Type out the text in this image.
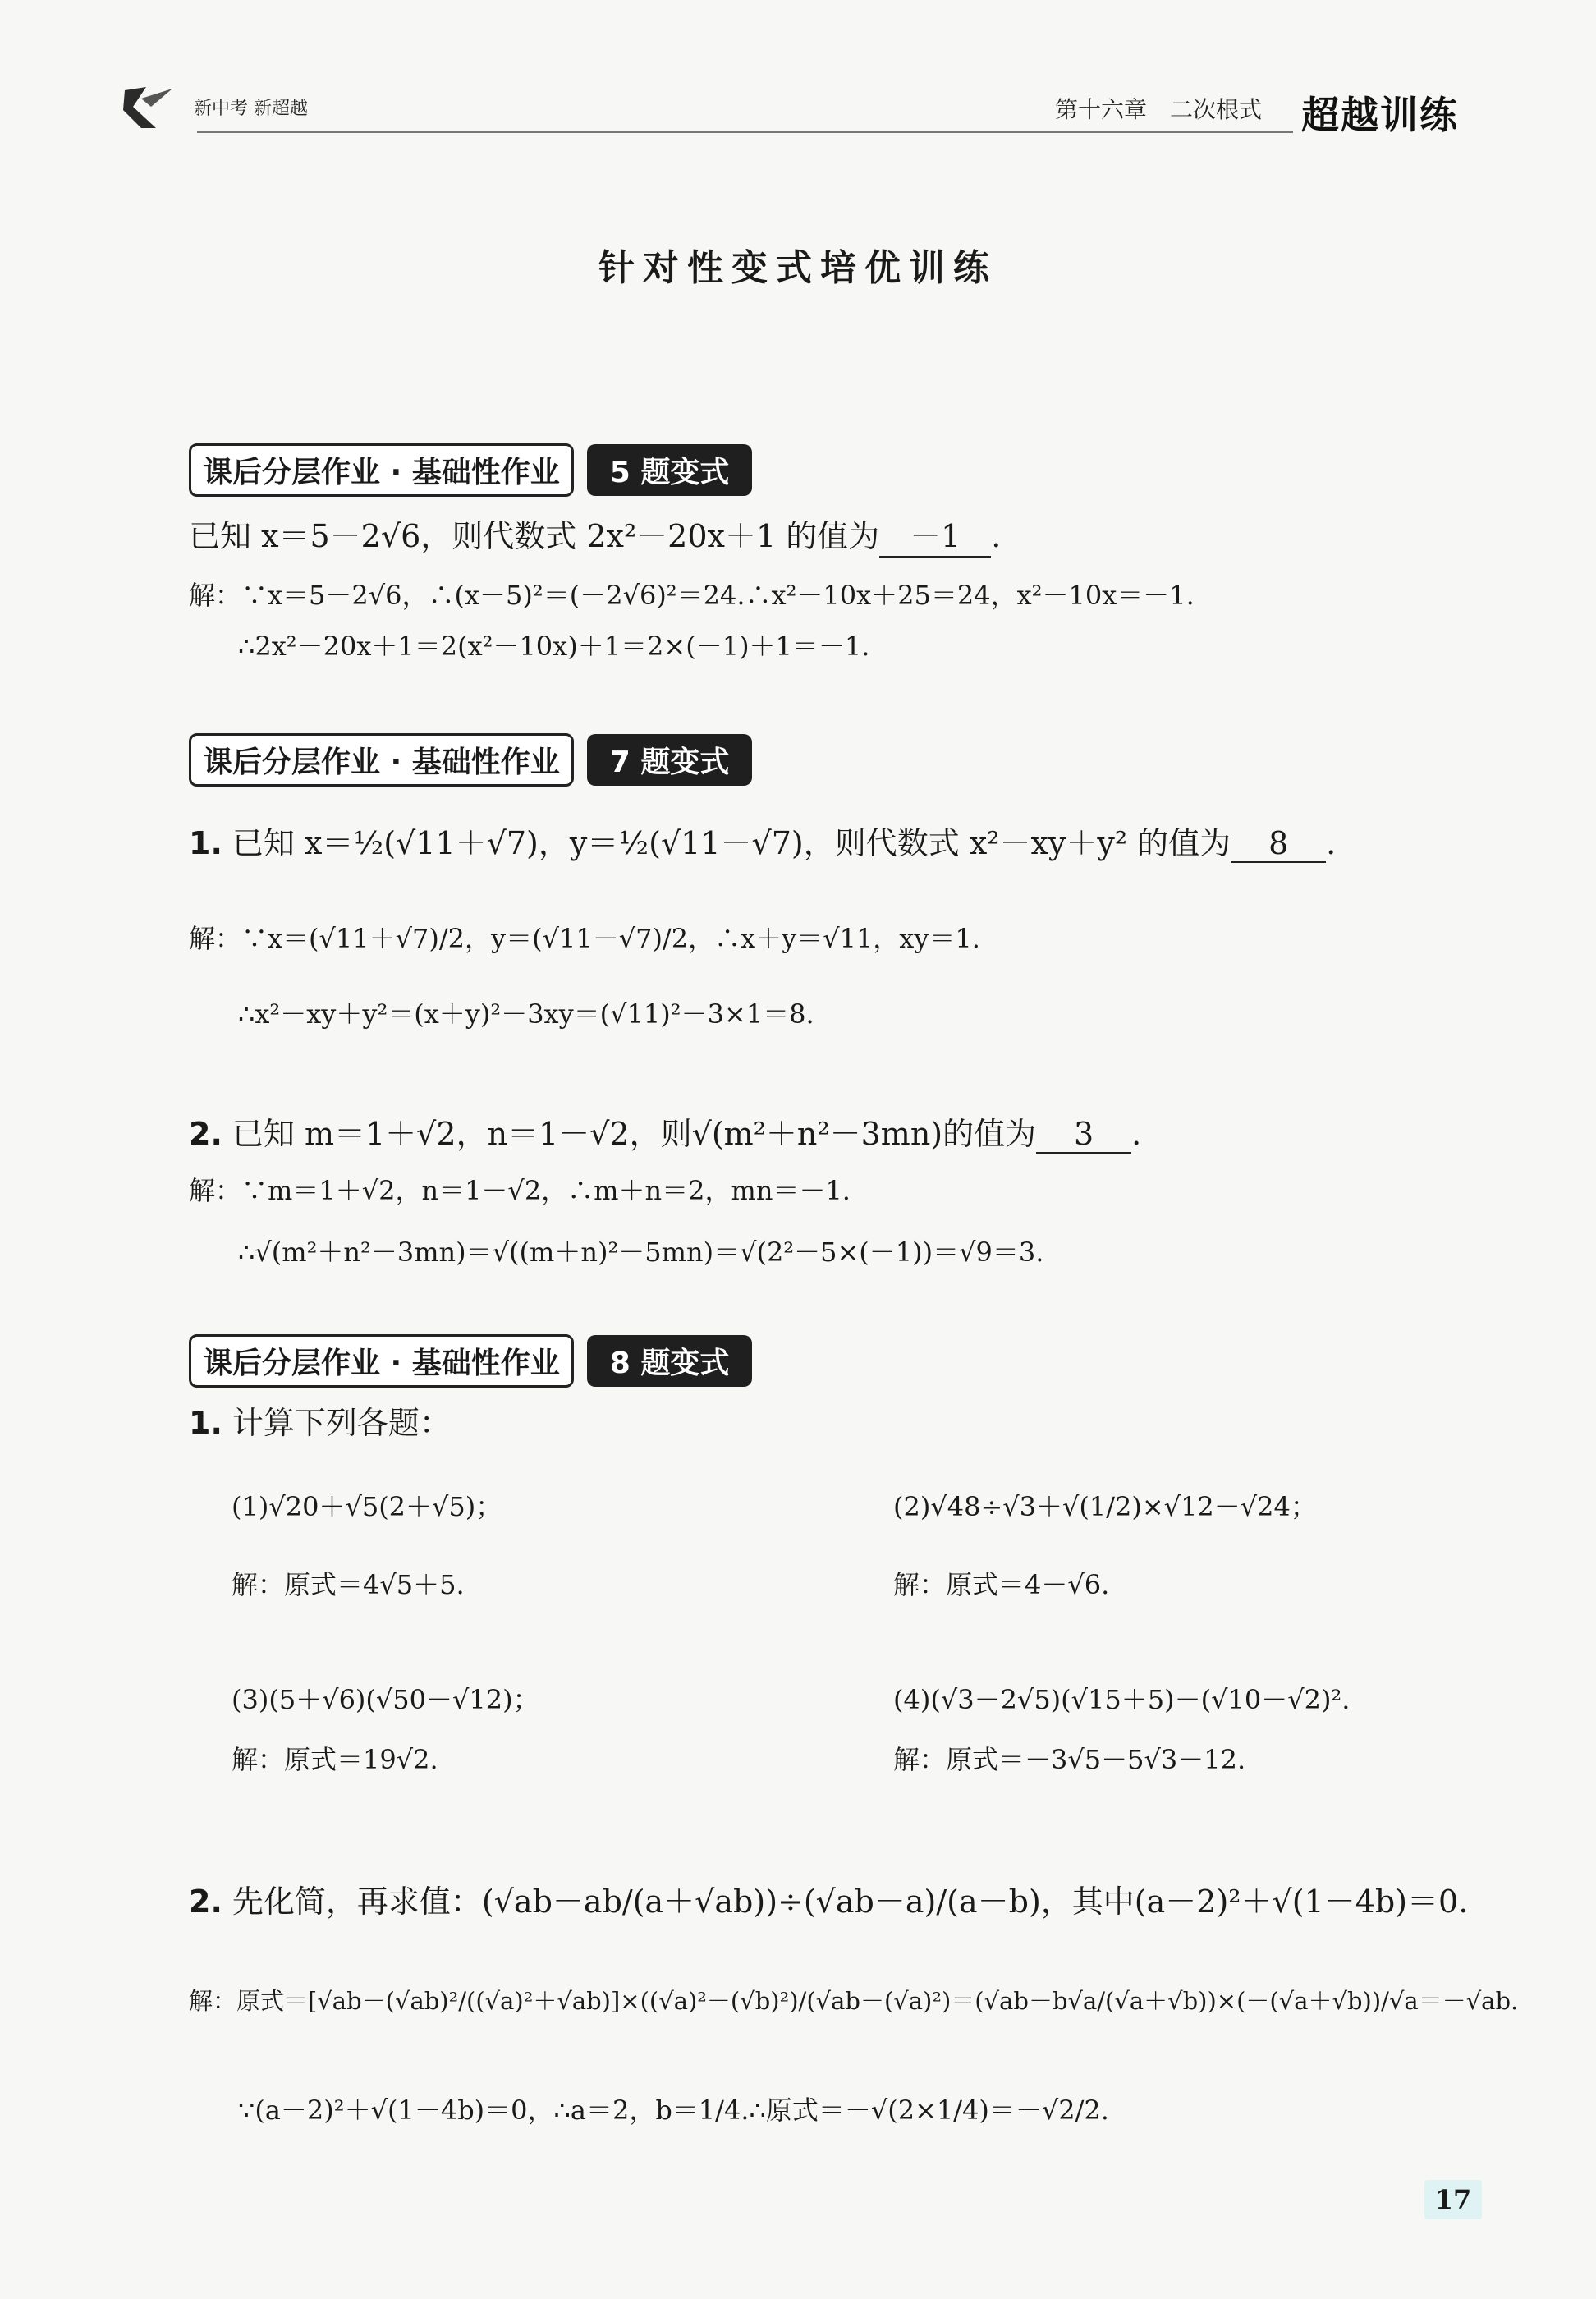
新中考 新超越	第十六章　二次根式 超越训练
针对性变式培优训练
课后分层作业 · 基础性作业	5 题变式
已知 x＝5－2√6，则代数式 2x²－20x＋1 的值为 －1 .
解：∵x＝5－2√6，∴(x－5)²＝(－2√6)²＝24.∴x²－10x＋25＝24，x²－10x＝－1.
∴2x²－20x＋1＝2(x²－10x)＋1＝2×(－1)＋1＝－1.
课后分层作业 · 基础性作业	7 题变式
1. 已知 x＝½(√11＋√7)，y＝½(√11－√7)，则代数式 x²－xy＋y² 的值为 8 .
解：∵x＝(√11＋√7)/2，y＝(√11－√7)/2，∴x＋y＝√11，xy＝1.
∴x²－xy＋y²＝(x＋y)²－3xy＝(√11)²－3×1＝8.
2. 已知 m＝1＋√2，n＝1－√2，则√(m²＋n²－3mn)的值为 3 .
解：∵m＝1＋√2，n＝1－√2，∴m＋n＝2，mn＝－1.
∴√(m²＋n²－3mn)＝√((m＋n)²－5mn)＝√(2²－5×(－1))＝√9＝3.
课后分层作业 · 基础性作业	8 题变式
1. 计算下列各题：
(1)√20＋√5(2＋√5)；
解：原式＝4√5＋5.
(2)√48÷√3＋√(1/2)×√12－√24；
解：原式＝4－√6.
(3)(5＋√6)(√50－√12)；
解：原式＝19√2.
(4)(√3－2√5)(√15＋5)－(√10－√2)².
解：原式＝－3√5－5√3－12.
2. 先化简，再求值：(√ab－ab/(a＋√ab))÷(√ab－a)/(a－b)，其中(a－2)²＋√(1－4b)＝0.
解：原式＝[√ab－(√ab)²/((√a)²＋√ab)]×((√a)²－(√b)²)/(√ab－(√a)²)＝(√ab－b√a/(√a＋√b))×(－(√a＋√b))/√a＝－√ab.
∵(a－2)²＋√(1－4b)＝0，∴a＝2，b＝1/4.∴原式＝－√(2×1/4)＝－√2/2.
17
